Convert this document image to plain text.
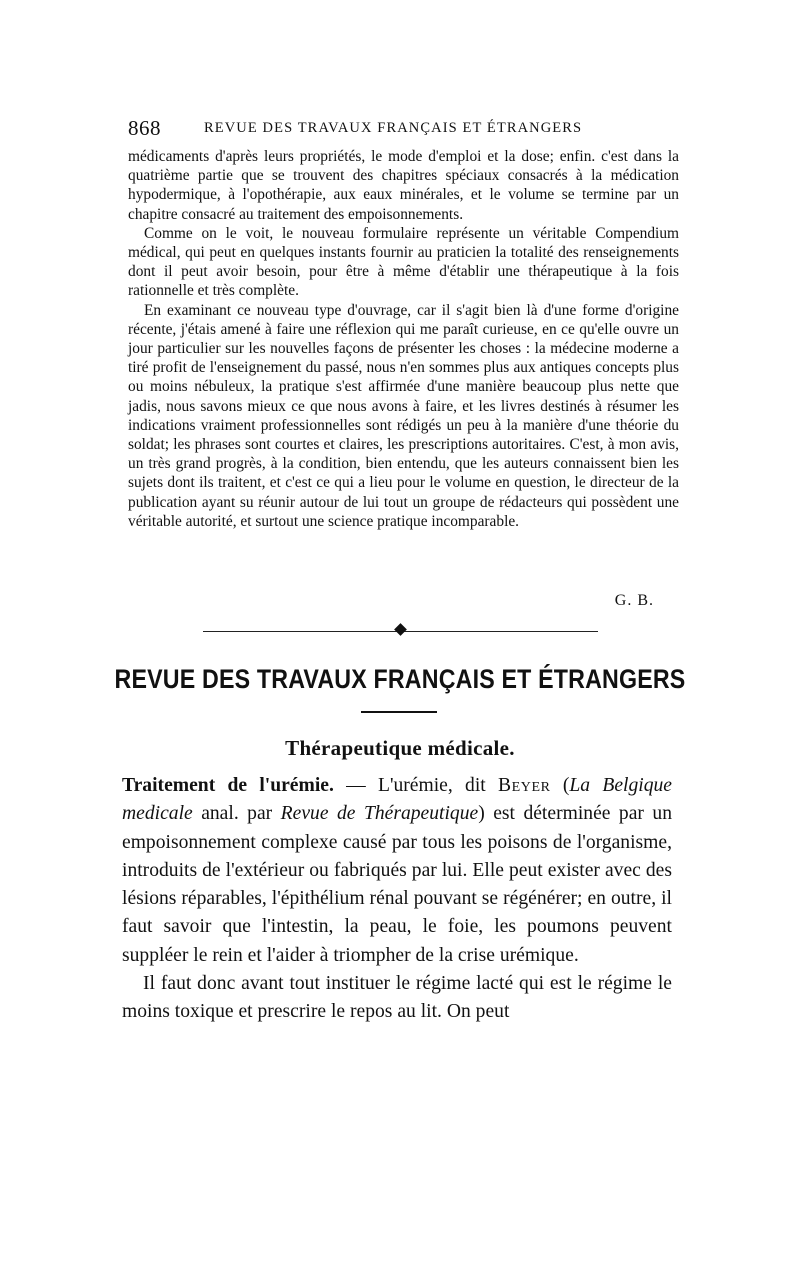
868	REVUE DES TRAVAUX FRANÇAIS ET ÉTRANGERS

médicaments d'après leurs propriétés, le mode d'emploi et la dose; enfin. c'est dans la quatrième partie que se trouvent des chapitres spéciaux consacrés à la médication hypodermique, à l'opothérapie, aux eaux minérales, et le volume se termine par un chapitre consacré au traitement des empoisonnements.

Comme on le voit, le nouveau formulaire représente un véritable Compendium médical, qui peut en quelques instants fournir au praticien la totalité des renseignements dont il peut avoir besoin, pour être à même d'établir une thérapeutique à la fois rationnelle et très complète.

En examinant ce nouveau type d'ouvrage, car il s'agit bien là d'une forme d'origine récente, j'étais amené à faire une réflexion qui me paraît curieuse, en ce qu'elle ouvre un jour particulier sur les nouvelles façons de présenter les choses : la médecine moderne a tiré profit de l'enseignement du passé, nous n'en sommes plus aux antiques concepts plus ou moins nébuleux, la pratique s'est affirmée d'une manière beaucoup plus nette que jadis, nous savons mieux ce que nous avons à faire, et les livres destinés à résumer les indications vraiment professionnelles sont rédigés un peu à la manière d'une théorie du soldat; les phrases sont courtes et claires, les prescriptions autoritaires. C'est, à mon avis, un très grand progrès, à la condition, bien entendu, que les auteurs connaissent bien les sujets dont ils traitent, et c'est ce qui a lieu pour le volume en question, le directeur de la publication ayant su réunir autour de lui tout un groupe de rédacteurs qui possèdent une véritable autorité, et surtout une science pratique incomparable.

G. B.
REVUE DES TRAVAUX FRANÇAIS ET ÉTRANGERS
Thérapeutique médicale.

Traitement de l'urémie. — L'urémie, dit Beyer (La Belgique medicale anal. par Revue de Thérapeutique) est déterminée par un empoisonnement complexe causé par tous les poisons de l'organisme, introduits de l'extérieur ou fabriqués par lui. Elle peut exister avec des lésions réparables, l'épithélium rénal pouvant se régénérer; en outre, il faut savoir que l'intestin, la peau, le foie, les poumons peuvent suppléer le rein et l'aider à triompher de la crise urémique.

Il faut donc avant tout instituer le régime lacté qui est le régime le moins toxique et prescrire le repos au lit. On peut
